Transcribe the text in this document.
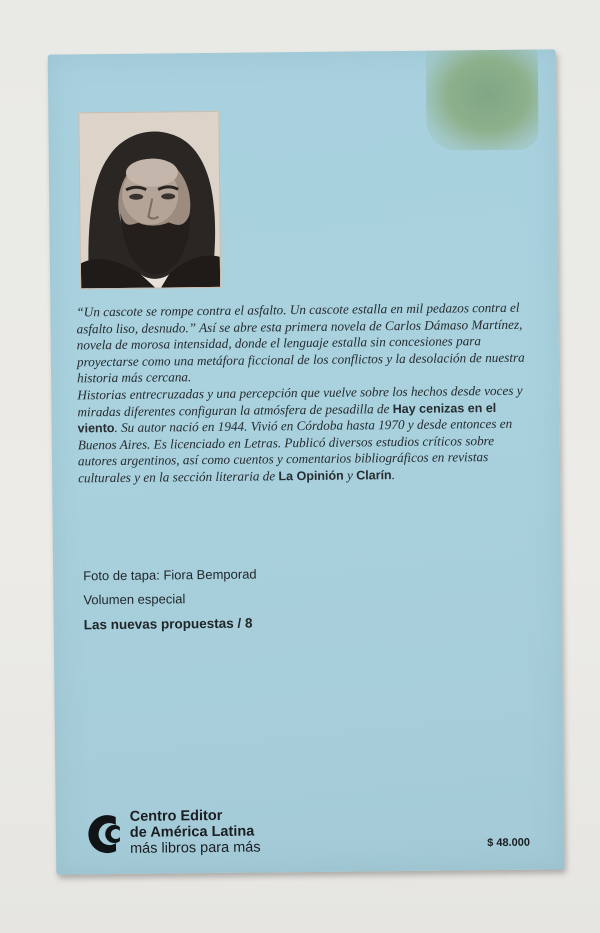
“Un cascote se rompe contra el asfalto. Un cascote estalla en mil pedazos contra el asfalto liso, desnudo.” Así se abre esta primera novela de Carlos Dámaso Martínez, novela de morosa intensidad, donde el lenguaje estalla sin concesiones para proyectarse como una metáfora ficcional de los conflictos y la desolación de nuestra historia más cercana.

Historias entrecruzadas y una percepción que vuelve sobre los hechos desde voces y miradas diferentes configuran la atmósfera de pesadilla de Hay cenizas en el viento. Su autor nació en 1944. Vivió en Córdoba hasta 1970 y desde entonces en Buenos Aires. Es licenciado en Letras. Publicó diversos estudios críticos sobre autores argentinos, así como cuentos y comentarios bibliográficos en revistas culturales y en la sección literaria de La Opinión y Clarín.

Foto de tapa: Fiora Bemporad
Volumen especial
Las nuevas propuestas / 8
Centro Editor
de América Latina
más libros para más	$ 48.000
